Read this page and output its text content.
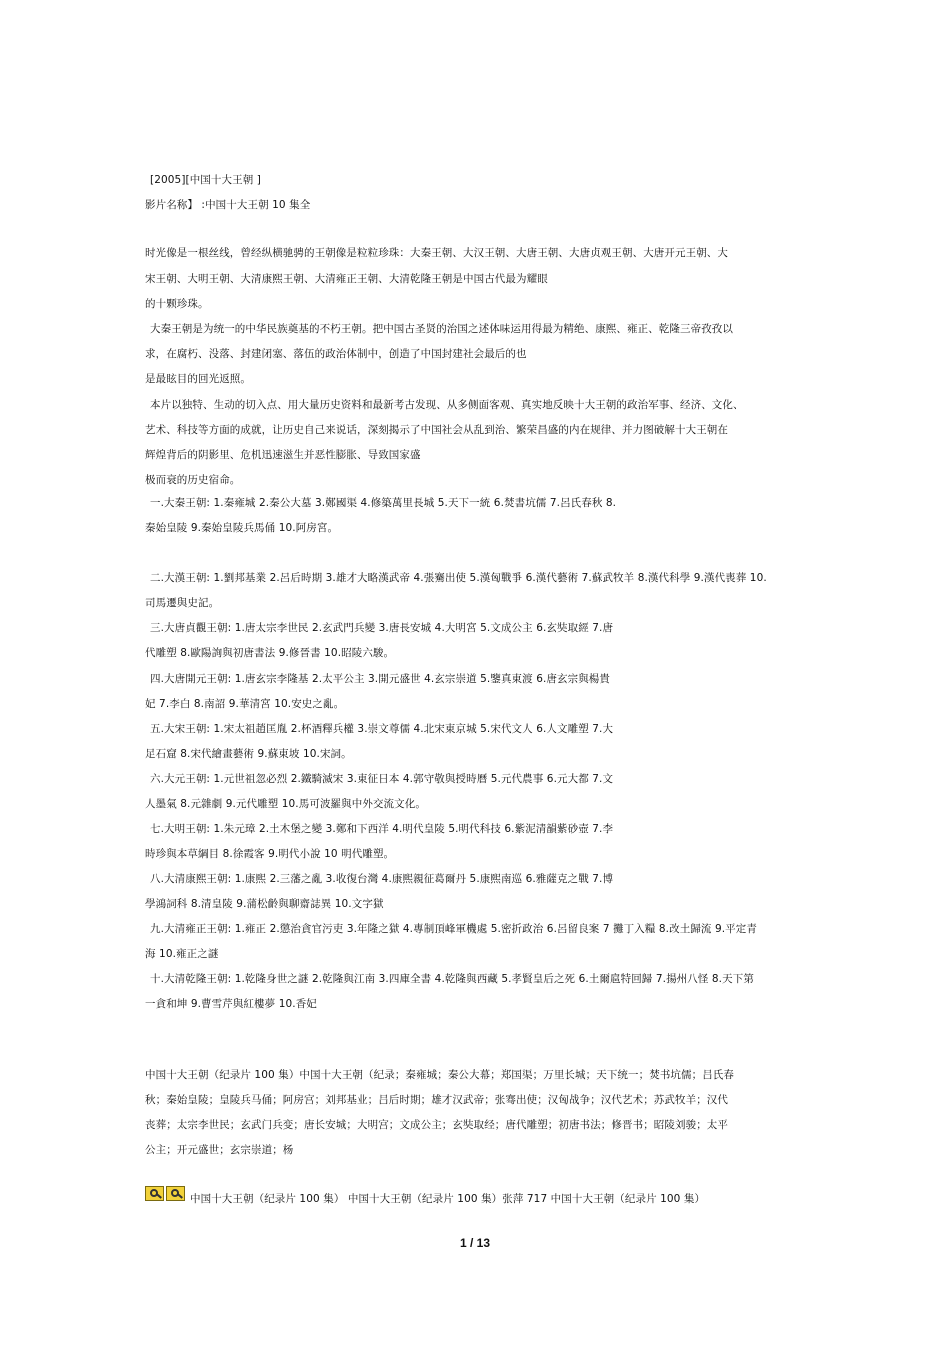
[2005][中国十大王朝 ]
影片名称】 :中国十大王朝 10 集全
时光像是一根丝线，曾经纵横驰骋的王朝像是粒粒珍珠：大秦王朝、大汉王朝、大唐王朝、大唐贞观王朝、大唐开元王朝、大
宋王朝、大明王朝、大清康熙王朝、大清雍正王朝、大清乾隆王朝是中国古代最为耀眼
的十颗珍珠。
大秦王朝是为统一的中华民族奠基的不朽王朝。把中国古圣贤的治国之述体味运用得最为精绝、康熙、雍正、乾隆三帝孜孜以
求，在腐朽、没落、封建闭塞、落伍的政治体制中，创造了中国封建社会最后的也
是最眩目的回光返照。
本片以独特、生动的切入点、用大量历史资料和最新考古发现、从多侧面客观、真实地反映十大王朝的政治军事、经济、文化、
艺术、科技等方面的成就，让历史自己来说话，深刻揭示了中国社会从乱到治、繁荣昌盛的内在规律、并力图破解十大王朝在
辉煌背后的阴影里、危机迅速滋生并恶性膨胀、导致国家盛
极而衰的历史宿命。
一.大秦王朝: 1.秦雍城 2.秦公大墓 3.鄭國渠 4.修築萬里長城 5.天下一統 6.焚書坑儒 7.呂氏春秋 8.
秦始皇陵 9.秦始皇陵兵馬俑 10.阿房宮。
二.大漢王朝: 1.劉邦基業 2.呂后時期 3.雄才大略漢武帝 4.張騫出使 5.漢匈戰爭 6.漢代藝術 7.蘇武牧羊 8.漢代科學 9.漢代喪葬 10.
司馬遷與史記。
三.大唐貞觀王朝: 1.唐太宗李世民 2.玄武門兵變 3.唐長安城 4.大明宮 5.文成公主 6.玄奘取經 7.唐
代雕塑 8.歐陽詢與初唐書法 9.修晉書 10.昭陵六駿。
四.大唐開元王朝: 1.唐玄宗李隆基 2.太平公主 3.開元盛世 4.玄宗崇道 5.鑒真東渡 6.唐玄宗與楊貴
妃 7.李白 8.南詔 9.華清宮 10.安史之亂。
五.大宋王朝: 1.宋太祖趙匡胤 2.杯酒釋兵權 3.崇文尊儒 4.北宋東京城 5.宋代文人 6.人文雕塑 7.大
足石窟 8.宋代繪畫藝術 9.蘇東坡 10.宋詞。
六.大元王朝: 1.元世祖忽必烈 2.鐵騎滅宋 3.東征日本 4.郭守敬與授時曆 5.元代農事 6.元大都 7.文
人墨氣 8.元雜劇 9.元代雕塑 10.馬可波羅與中外交流文化。
七.大明王朝: 1.朱元璋 2.土木堡之變 3.鄭和下西洋 4.明代皇陵 5.明代科技 6.紫泥清韻紫砂壺 7.李
時珍與本草綱目 8.徐霞客 9.明代小說 10 明代雕塑。
八.大清康熙王朝: 1.康熙 2.三藩之亂 3.收復台灣 4.康熙親征葛爾丹 5.康熙南巡 6.雅薩克之戰 7.博
學鴻詞科 8.清皇陵 9.蒲松齡與聊齋誌異 10.文字獄
九.大清雍正王朝: 1.雍正 2.懲治貪官污吏 3.年隆之獄 4.專制頂峰軍機處 5.密折政治 6.呂留良案 7 攤丁入糧 8.改土歸流 9.平定青
海 10.雍正之謎
十.大清乾隆王朝: 1.乾隆身世之謎 2.乾隆與江南 3.四庫全書 4.乾隆與西藏 5.孝賢皇后之死 6.土爾扈特回歸 7.揚州八怪 8.天下第
一貪和坤 9.曹雪芹與紅樓夢 10.香妃
中国十大王朝（纪录片 100 集）中国十大王朝（纪录；秦雍城；秦公大幕；郑国渠；万里长城；天下统一；焚书坑儒；吕氏春
秋；秦始皇陵；皇陵兵马俑；阿房宫；刘邦基业；吕后时期；雄才汉武帝；张骞出使；汉匈战争；汉代艺术；苏武牧羊；汉代
丧葬；太宗李世民；玄武门兵变；唐长安城；大明宫；文成公主；玄奘取经；唐代雕塑；初唐书法；修晋书；昭陵刘骏；太平
公主；开元盛世；玄宗崇道；杨
中国十大王朝（纪录片 100 集） 中国十大王朝（纪录片 100 集）张萍 717 中国十大王朝（纪录片 100 集）
1 / 13
